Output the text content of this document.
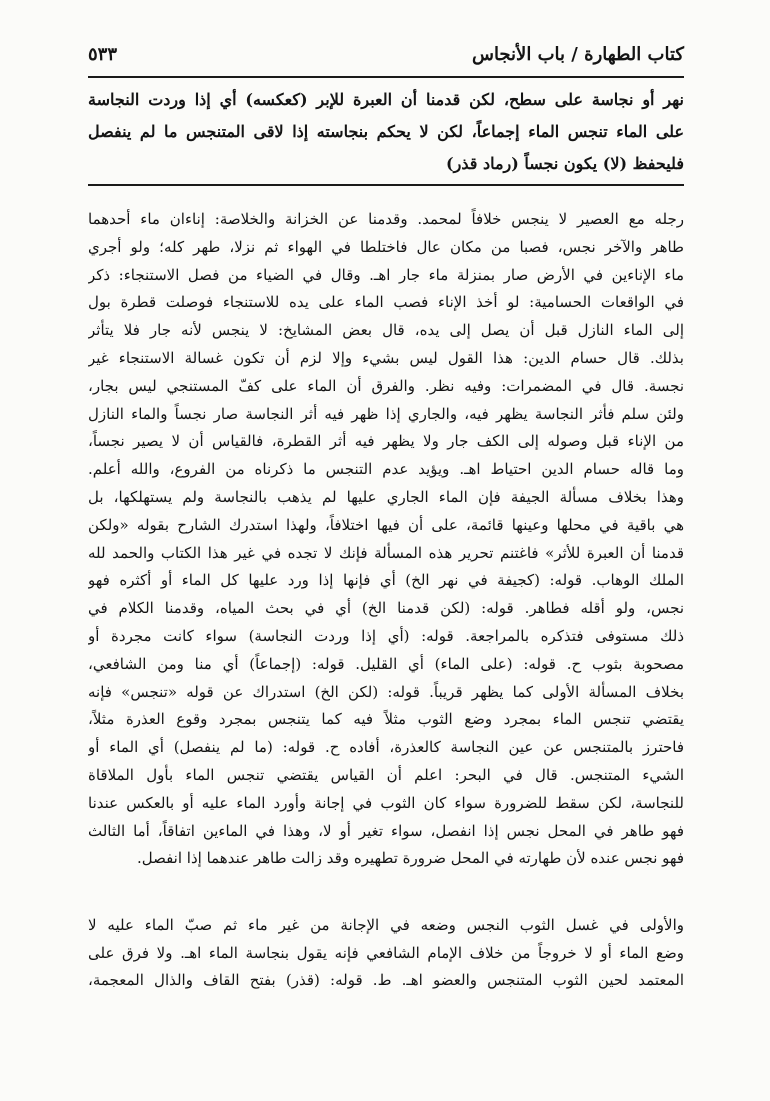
كتاب الطهارة / باب الأنجاس
٥٣٣
نهر أو نجاسة على سطح، لكن قدمنا أن العبرة للإبر (كعكسه) أي إذا وردت النجاسة
على الماء تنجس الماء إجماعاً، لكن لا يحكم بنجاسته إذا لاقى المتنجس ما لم ينفصل
فليحفظ (لا) يكون نجساً (رماد قذر)
رجله مع العصير لا ينجس خلافاً لمحمد. وقدمنا عن الخزانة والخلاصة: إناءان ماء أحدهما
طاهر والآخر نجس، فصبا من مكان عال فاختلطا في الهواء ثم نزلا، طهر كله؛ ولو أجري
ماء الإناءين في الأرض صار بمنزلة ماء جار اهـ. وقال في الضياء من فصل الاستنجاء: ذكر
في الواقعات الحسامية: لو أخذ الإناء فصب الماء على يده للاستنجاء فوصلت قطرة بول
إلى الماء النازل قبل أن يصل إلى يده، قال بعض المشايخ: لا ينجس لأنه جار فلا يتأثر
بذلك. قال حسام الدين: هذا القول ليس بشيء وإلا لزم أن تكون غسالة الاستنجاء غير
نجسة. قال في المضمرات: وفيه نظر. والفرق أن الماء على كفّ المستنجي ليس بجار،
ولئن سلم فأثر النجاسة يظهر فيه، والجاري إذا ظهر فيه أثر النجاسة صار نجساً والماء النازل
من الإناء قبل وصوله إلى الكف جار ولا يظهر فيه أثر القطرة، فالقياس أن لا يصير نجساً،
وما قاله حسام الدين احتياط اهـ. ويؤيد عدم التنجس ما ذكرناه من الفروع، والله أعلم.
وهذا بخلاف مسألة الجيفة فإن الماء الجاري عليها لم يذهب بالنجاسة ولم يستهلكها، بل
هي باقية في محلها وعينها قائمة، على أن فيها اختلافاً، ولهذا استدرك الشارح بقوله «ولكن
قدمنا أن العبرة للأثر» فاغتنم تحرير هذه المسألة فإنك لا تجده في غير هذا الكتاب والحمد لله
الملك الوهاب. قوله: (كجيفة في نهر الخ) أي فإنها إذا ورد عليها كل الماء أو أكثره فهو
نجس، ولو أقله فطاهر. قوله: (لكن قدمنا الخ) أي في بحث المياه، وقدمنا الكلام في
ذلك مستوفى فتذكره بالمراجعة. قوله: (أي إذا وردت النجاسة) سواء كانت مجردة أو
مصحوبة بثوب ح. قوله: (على الماء) أي القليل. قوله: (إجماعاً) أي منا ومن الشافعي،
بخلاف المسألة الأولى كما يظهر قريباً. قوله: (لكن الخ) استدراك عن قوله «تنجس» فإنه
يقتضي تنجس الماء بمجرد وضع الثوب مثلاً فيه كما يتنجس بمجرد وقوع العذرة مثلاً،
فاحترز بالمتنجس عن عين النجاسة كالعذرة، أفاده ح. قوله: (ما لم ينفصل) أي الماء أو
الشيء المتنجس. قال في البحر: اعلم أن القياس يقتضي تنجس الماء بأول الملاقاة
للنجاسة، لكن سقط للضرورة سواء كان الثوب في إجانة وأورد الماء عليه أو بالعكس عندنا
فهو طاهر في المحل نجس إذا انفصل، سواء تغير أو لا، وهذا في الماءين اتفاقاً، أما الثالث
فهو نجس عنده لأن طهارته في المحل ضرورة تطهيره وقد زالت طاهر عندهما إذا انفصل.
والأولى في غسل الثوب النجس وضعه في الإجانة من غير ماء ثم صبّ الماء عليه لا
وضع الماء أو لا خروجاً من خلاف الإمام الشافعي فإنه يقول بنجاسة الماء اهـ. ولا فرق على
المعتمد لحين الثوب المتنجس والعضو اهـ. ط. قوله: (قذر) بفتح القاف والذال المعجمة،
